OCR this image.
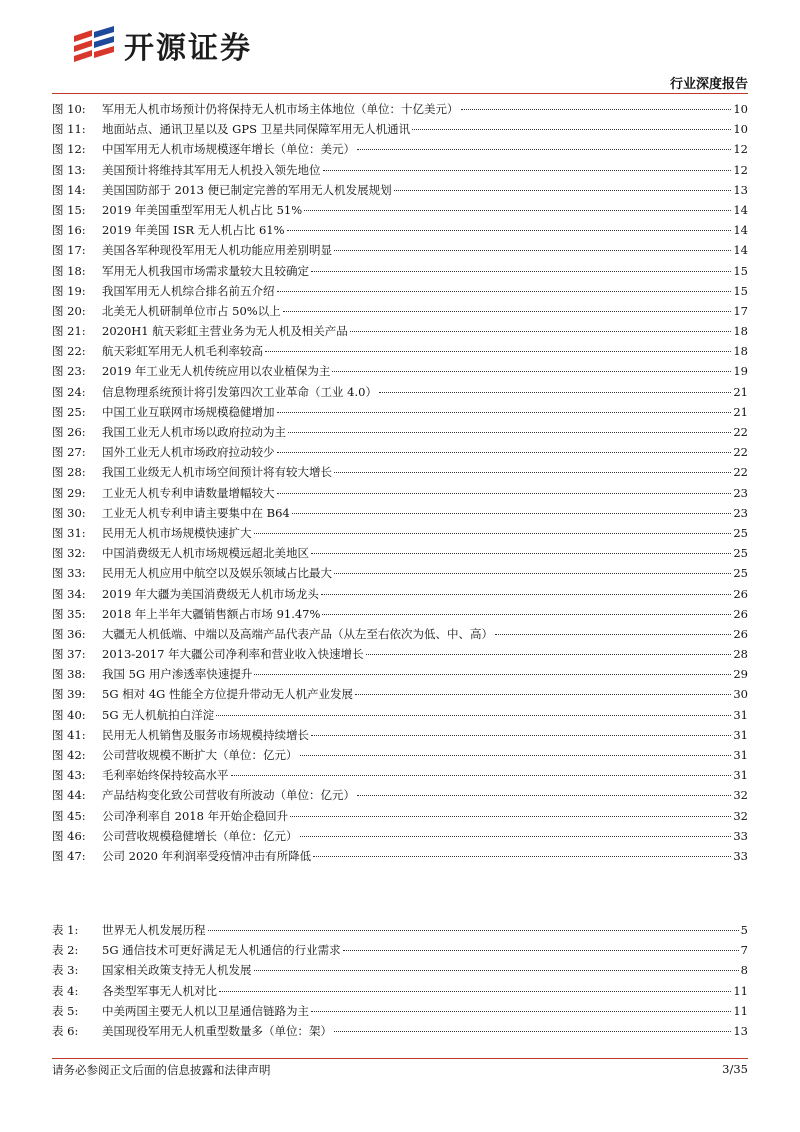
开源证券
行业深度报告
图 10:	军用无人机市场预计仍将保持无人机市场主体地位（单位：十亿美元）	10
图 11:	地面站点、通讯卫星以及 GPS 卫星共同保障军用无人机通讯	10
图 12:	中国军用无人机市场规模逐年增长（单位：美元）	12
图 13:	美国预计将维持其军用无人机投入领先地位	12
图 14:	美国国防部于 2013 便已制定完善的军用无人机发展规划	13
图 15:	2019 年美国重型军用无人机占比 51%	14
图 16:	2019 年美国 ISR 无人机占比 61%	14
图 17:	美国各军种现役军用无人机功能应用差别明显	14
图 18:	军用无人机我国市场需求量较大且较确定	15
图 19:	我国军用无人机综合排名前五介绍	15
图 20:	北美无人机研制单位市占 50%以上	17
图 21:	2020H1 航天彩虹主营业务为无人机及相关产品	18
图 22:	航天彩虹军用无人机毛利率较高	18
图 23:	2019 年工业无人机传统应用以农业植保为主	19
图 24:	信息物理系统预计将引发第四次工业革命（工业 4.0）	21
图 25:	中国工业互联网市场规模稳健增加	21
图 26:	我国工业无人机市场以政府拉动为主	22
图 27:	国外工业无人机市场政府拉动较少	22
图 28:	我国工业级无人机市场空间预计将有较大增长	22
图 29:	工业无人机专利申请数量增幅较大	23
图 30:	工业无人机专利申请主要集中在 B64	23
图 31:	民用无人机市场规模快速扩大	25
图 32:	中国消费级无人机市场规模远超北美地区	25
图 33:	民用无人机应用中航空以及娱乐领域占比最大	25
图 34:	2019 年大疆为美国消费级无人机市场龙头	26
图 35:	2018 年上半年大疆销售额占市场 91.47%	26
图 36:	大疆无人机低端、中端以及高端产品代表产品（从左至右依次为低、中、高）	26
图 37:	2013-2017 年大疆公司净利率和营业收入快速增长	28
图 38:	我国 5G 用户渗透率快速提升	29
图 39:	5G 相对 4G 性能全方位提升带动无人机产业发展	30
图 40:	5G 无人机航拍白洋淀	31
图 41:	民用无人机销售及服务市场规模持续增长	31
图 42:	公司营收规模不断扩大（单位：亿元）	31
图 43:	毛利率始终保持较高水平	31
图 44:	产品结构变化致公司营收有所波动（单位：亿元）	32
图 45:	公司净利率自 2018 年开始企稳回升	32
图 46:	公司营收规模稳健增长（单位：亿元）	33
图 47:	公司 2020 年利润率受疫情冲击有所降低	33
表 1:	世界无人机发展历程	5
表 2:	5G 通信技术可更好满足无人机通信的行业需求	7
表 3:	国家相关政策支持无人机发展	8
表 4:	各类型军事无人机对比	11
表 5:	中美两国主要无人机以卫星通信链路为主	11
表 6:	美国现役军用无人机重型数量多（单位：架）	13
请务必参阅正文后面的信息披露和法律声明	3/35
